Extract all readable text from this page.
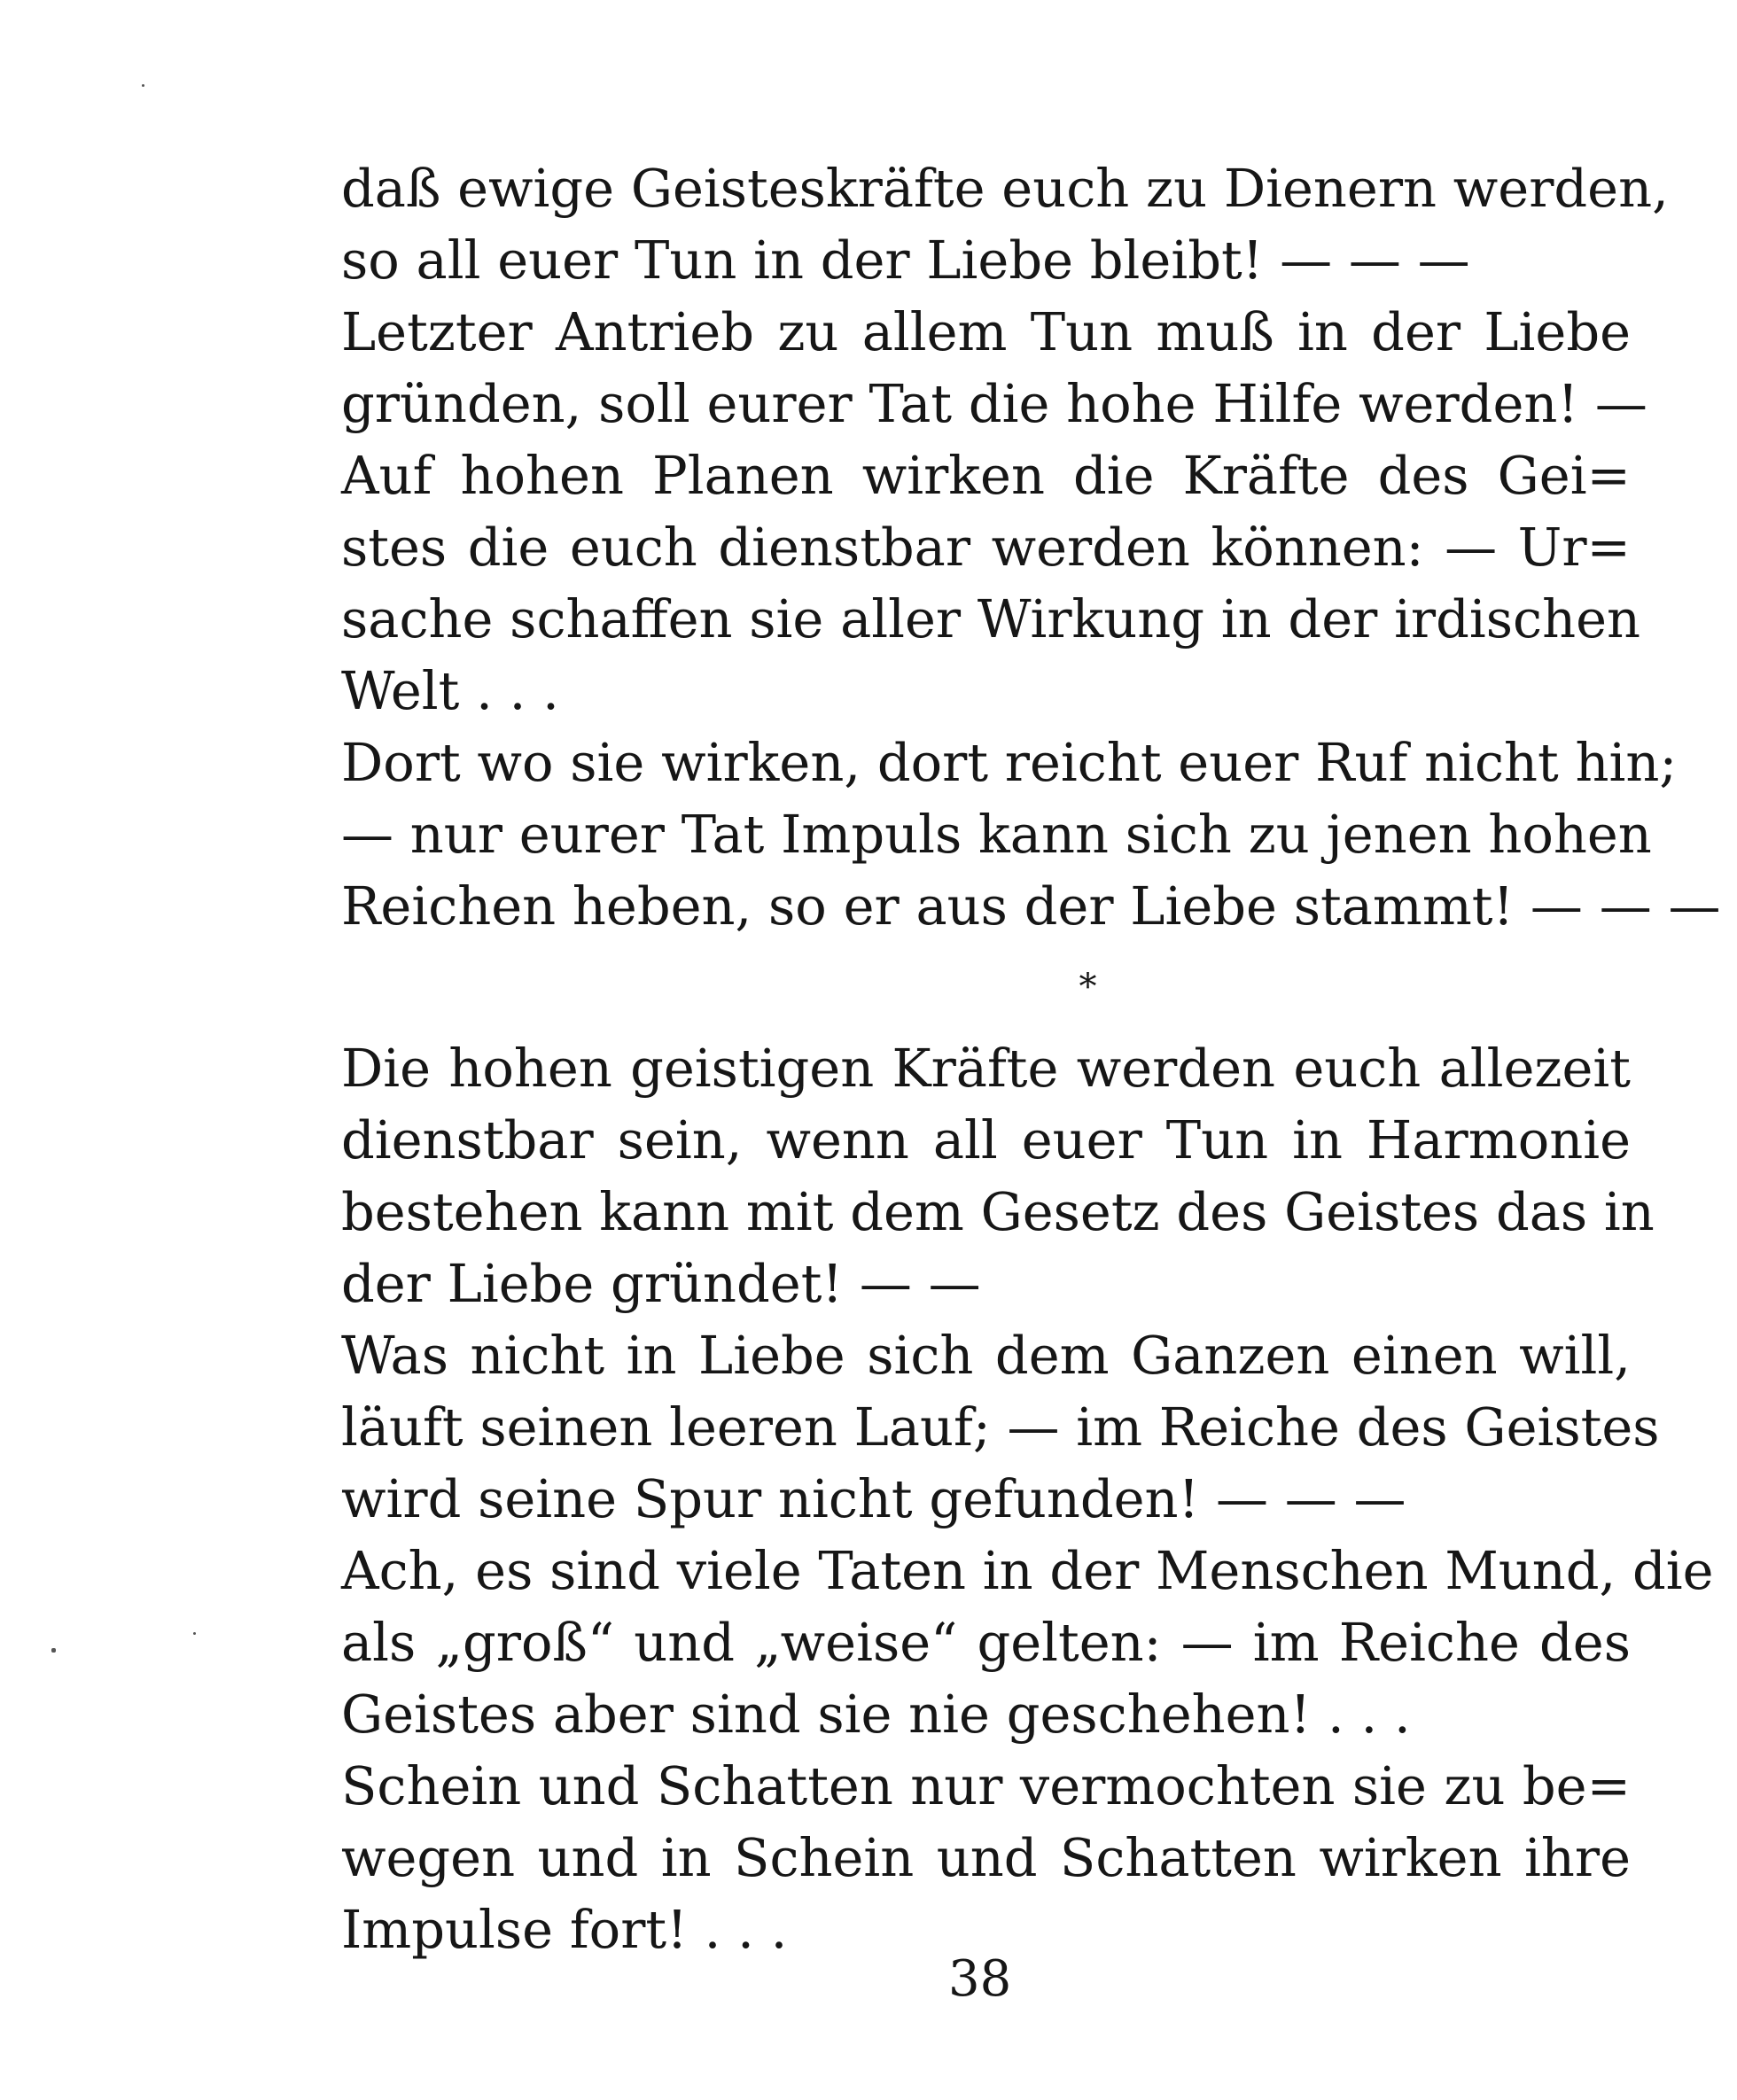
daß ewige Geisteskräfte euch zu Dienern werden,
so all euer Tun in der Liebe bleibt! — — —
Letzter Antrieb zu allem Tun muß in der Liebe
gründen, soll eurer Tat die hohe Hilfe werden! —
Auf hohen Planen wirken die Kräfte des Gei=
stes die euch dienstbar werden können: — Ur=
sache schaffen sie aller Wirkung in der irdischen
Welt . . .
Dort wo sie wirken, dort reicht euer Ruf nicht hin;
— nur eurer Tat Impuls kann sich zu jenen hohen
Reichen heben, so er aus der Liebe stammt! — — —
*
Die hohen geistigen Kräfte werden euch allezeit
dienstbar sein, wenn all euer Tun in Harmonie
bestehen kann mit dem Gesetz des Geistes das in
der Liebe gründet! — —
Was nicht in Liebe sich dem Ganzen einen will,
läuft seinen leeren Lauf; — im Reiche des Geistes
wird seine Spur nicht gefunden! — — —
Ach, es sind viele Taten in der Menschen Mund, die
als „groß“ und „weise“ gelten: — im Reiche des
Geistes aber sind sie nie geschehen! . . .
Schein und Schatten nur vermochten sie zu be=
wegen und in Schein und Schatten wirken ihre
Impulse fort! . . .
38
